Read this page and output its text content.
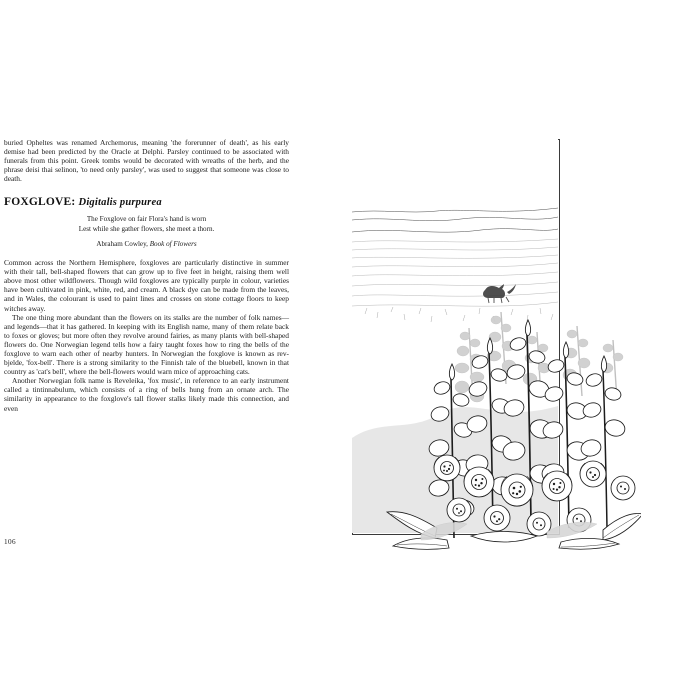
buried Opheltes was renamed Archemorus, meaning 'the forerunner of death', as his early demise had been predicted by the Oracle at Delphi. Parsley continued to be associated with funerals from this point. Greek tombs would be decorated with wreaths of the herb, and the phrase deisi thai selinon, 'to need only parsley', was used to suggest that someone was close to death.

FOXGLOVE: Digitalis purpurea
The Foxglove on fair Flora's hand is worn
Lest while she gather flowers, she meet a thorn.
Abraham Cowley, Book of Flowers

Common across the Northern Hemisphere, foxgloves are particularly distinctive in summer with their tall, bell-shaped flowers that can grow up to five feet in height, raising them well above most other wildflowers. Though wild foxgloves are typically purple in colour, varieties have been cultivated in pink, white, red, and cream. A black dye can be made from the leaves, and in Wales, the colourant is used to paint lines and crosses on stone cottage floors to keep witches away.

The one thing more abundant than the flowers on its stalks are the number of folk names—and legends—that it has gathered. In keeping with its English name, many of them relate back to foxes or gloves; but more often they revolve around fairies, as many plants with bell-shaped flowers do. One Norwegian legend tells how a fairy taught foxes how to ring the bells of the foxglove to warn each other of nearby hunters. In Norwegian the foxglove is known as rev-bjelde, 'fox-bell'. There is a strong similarity to the Finnish tale of the bluebell, known in that country as 'cat's bell', where the bell-flowers would warn mice of approaching cats.

Another Norwegian folk name is Reveleika, 'fox music', in reference to an early instrument called a tintinnabulum, which consists of a ring of bells hung from an ornate arch. The similarity in appearance to the foxglove's tall flower stalks likely made this connection, and even

106
